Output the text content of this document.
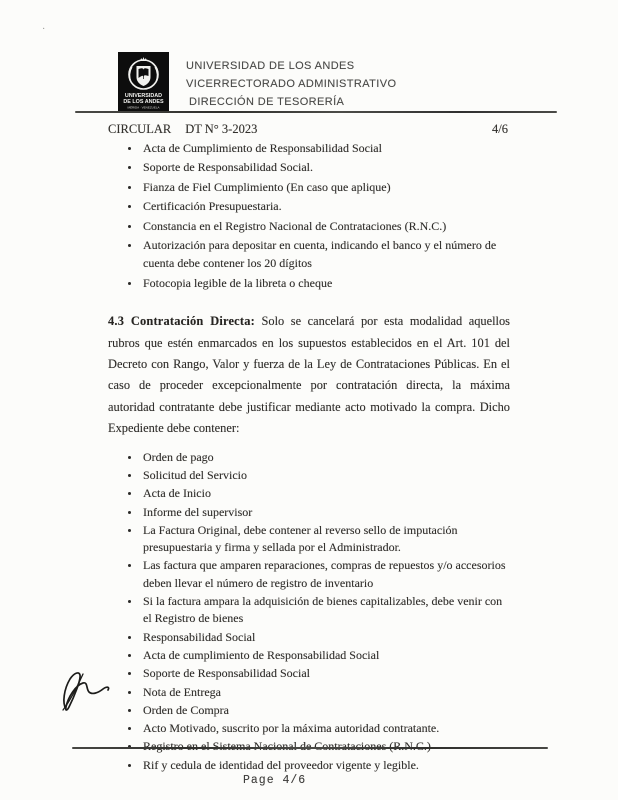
·
UNIVERSIDAD
DE LOS ANDES
MÉRIDA · VENEZUELA
UNIVERSIDAD DE LOS ANDES
VICERRECTORADO ADMINISTRATIVO
DIRECCIÓN DE TESORERÍA
CIRCULAR DT N° 3-2023	4/6
• Acta de Cumplimiento de Responsabilidad Social
• Soporte de Responsabilidad Social.
• Fianza de Fiel Cumplimiento (En caso que aplique)
• Certificación Presupuestaria.
• Constancia en el Registro Nacional de Contrataciones (R.N.C.)
• Autorización para depositar en cuenta, indicando el banco y el número de cuenta debe contener los 20 dígitos
• Fotocopia legible de la libreta o cheque

4.3 Contratación Directa: Solo se cancelará por esta modalidad aquellos rubros que estén enmarcados en los supuestos establecidos en el Art. 101 del Decreto con Rango, Valor y fuerza de la Ley de Contrataciones Públicas. En el caso de proceder excepcionalmente por contratación directa, la máxima autoridad contratante debe justificar mediante acto motivado la compra. Dicho Expediente debe contener:

• Orden de pago
• Solicitud del Servicio
• Acta de Inicio
• Informe del supervisor
• La Factura Original, debe contener al reverso sello de imputación presupuestaria y firma y sellada por el Administrador.
• Las factura que amparen reparaciones, compras de repuestos y/o accesorios deben llevar el número de registro de inventario
• Si la factura ampara la adquisición de bienes capitalizables, debe venir con el Registro de bienes
• Responsabilidad Social
• Acta de cumplimiento de Responsabilidad Social
• Soporte de Responsabilidad Social
• Nota de Entrega
• Orden de Compra
• Acto Motivado, suscrito por la máxima autoridad contratante.
•
• Rif y cedula de identidad del proveedor vigente y legible.
Page 4/6
